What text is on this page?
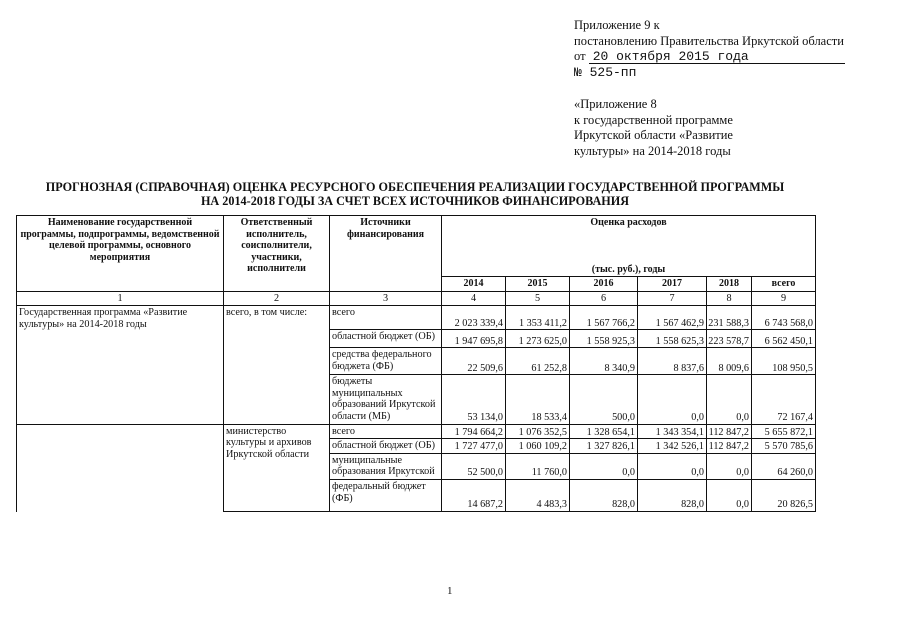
Приложение 9 к
постановлению Правительства Иркутской области
от 20 октября 2015 года
№ 525-пп
«Приложение 8
к государственной программе
Иркутской области «Развитие
культуры» на 2014-2018 годы
ПРОГНОЗНАЯ (СПРАВОЧНАЯ) ОЦЕНКА РЕСУРСНОГО ОБЕСПЕЧЕНИЯ РЕАЛИЗАЦИИ ГОСУДАРСТВЕННОЙ ПРОГРАММЫ
НА 2014-2018 ГОДЫ ЗА СЧЕТ ВСЕХ ИСТОЧНИКОВ ФИНАНСИРОВАНИЯ
Наименование государственной программы, подпрограммы, ведомственной целевой программы, основного мероприятия	Ответственный исполнитель, соисполнители, участники, исполнители	Источники финансирования	Оценка расходов					
			(тыс. руб.), годы					
			2014	2015	2016	2017	2018	всего
1	2	3	4	5	6	7	8	9
Государственная программа «Развитие культуры» на 2014-2018 годы	всего, в том числе:	всего	2 023 339,4	1 353 411,2	1 567 766,2	1 567 462,9	231 588,3	6 743 568,0
		областной бюджет (ОБ)	1 947 695,8	1 273 625,0	1 558 925,3	1 558 625,3	223 578,7	6 562 450,1
		средства федерального бюджета (ФБ)	22 509,6	61 252,8	8 340,9	8 837,6	8 009,6	108 950,5
		бюджеты муниципальных образований Иркутской области (МБ)	53 134,0	18 533,4	500,0	0,0	0,0	72 167,4
	министерство культуры и архивов Иркутской области	всего	1 794 664,2	1 076 352,5	1 328 654,1	1 343 354,1	112 847,2	5 655 872,1
		областной бюджет (ОБ)	1 727 477,0	1 060 109,2	1 327 826,1	1 342 526,1	112 847,2	5 570 785,6
		муниципальные образования Иркутской	52 500,0	11 760,0	0,0	0,0	0,0	64 260,0
		федеральный бюджет (ФБ)	14 687,2	4 483,3	828,0	828,0	0,0	20 826,5
1
